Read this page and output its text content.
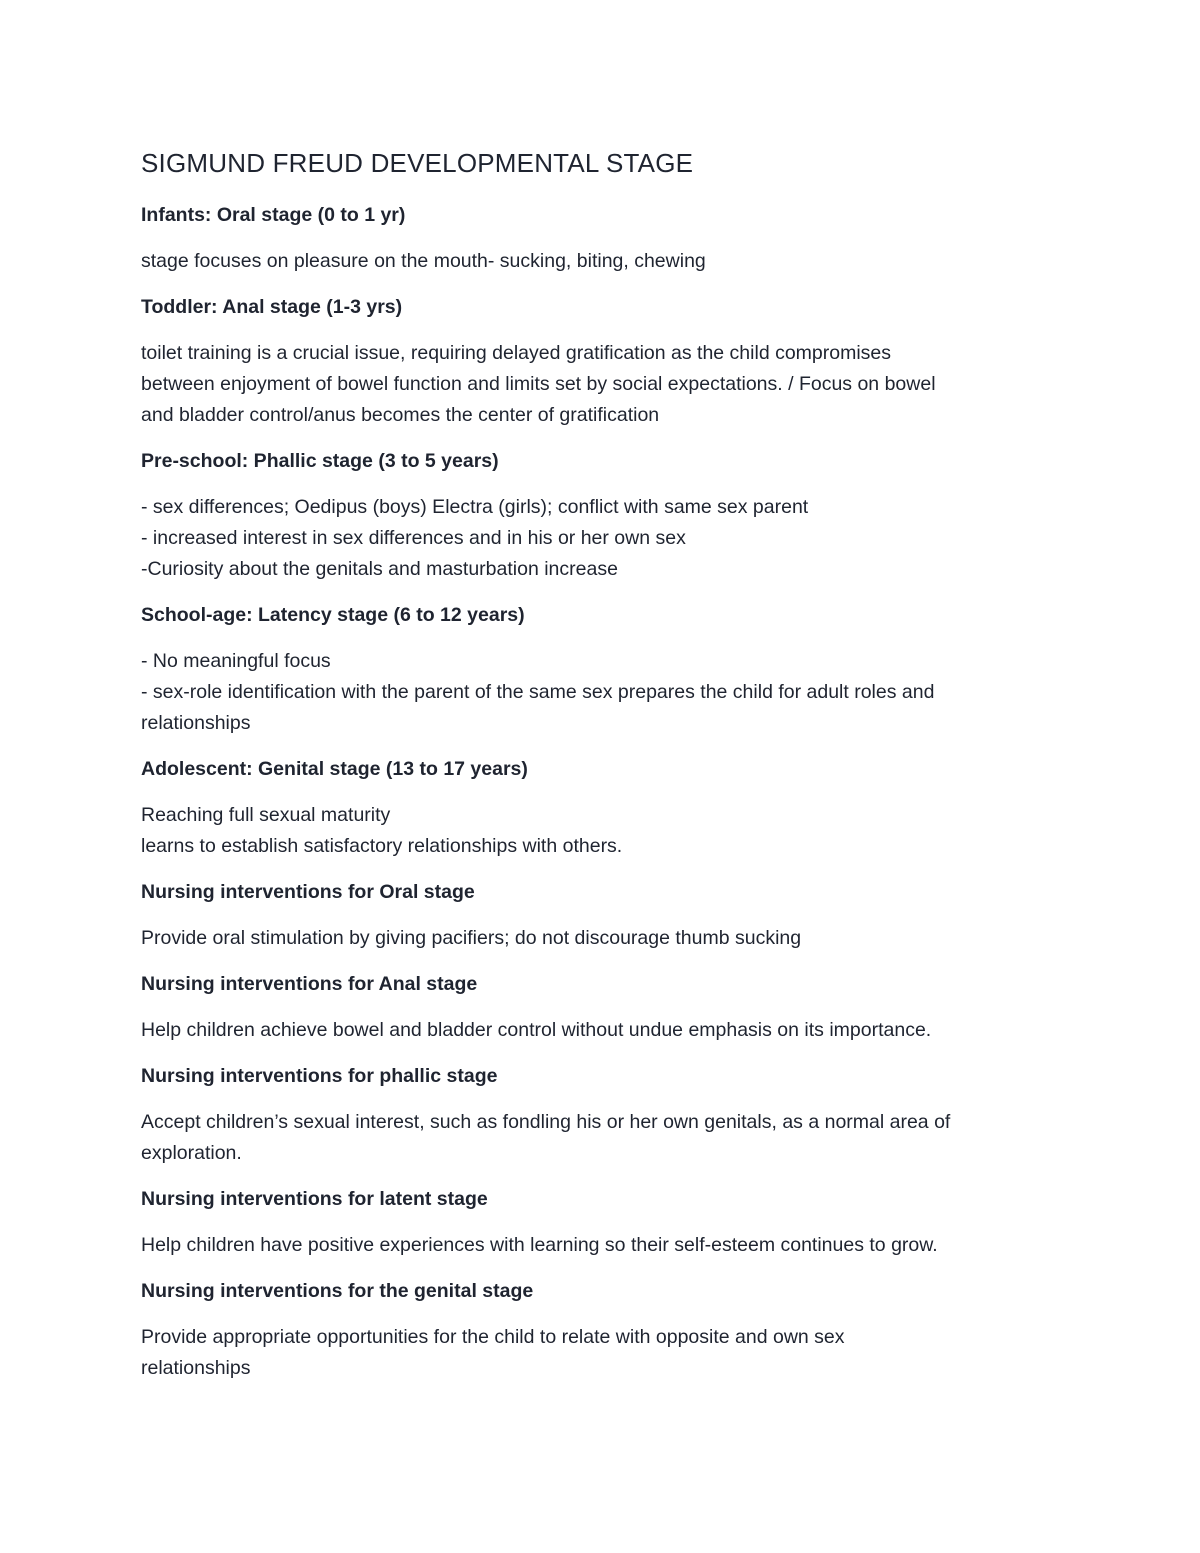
SIGMUND FREUD DEVELOPMENTAL STAGE
Infants: Oral stage (0 to 1 yr)
stage focuses on pleasure on the mouth- sucking, biting, chewing
Toddler: Anal stage (1-3 yrs)
toilet training is a crucial issue, requiring delayed gratification as the child compromises
between enjoyment of bowel function and limits set by social expectations. / Focus on bowel
and bladder control/anus becomes the center of gratification
Pre-school: Phallic stage (3 to 5 years)
- sex differences; Oedipus (boys) Electra (girls); conflict with same sex parent
- increased interest in sex differences and in his or her own sex
-Curiosity about the genitals and masturbation increase
School-age: Latency stage (6 to 12 years)
- No meaningful focus
- sex-role identification with the parent of the same sex prepares the child for adult roles and
relationships
Adolescent: Genital stage (13 to 17 years)
Reaching full sexual maturity
learns to establish satisfactory relationships with others.
Nursing interventions for Oral stage
Provide oral stimulation by giving pacifiers; do not discourage thumb sucking
Nursing interventions for Anal stage
Help children achieve bowel and bladder control without undue emphasis on its importance.
Nursing interventions for phallic stage
Accept children’s sexual interest, such as fondling his or her own genitals, as a normal area of
exploration.
Nursing interventions for latent stage
Help children have positive experiences with learning so their self-esteem continues to grow.
Nursing interventions for the genital stage
Provide appropriate opportunities for the child to relate with opposite and own sex
relationships
